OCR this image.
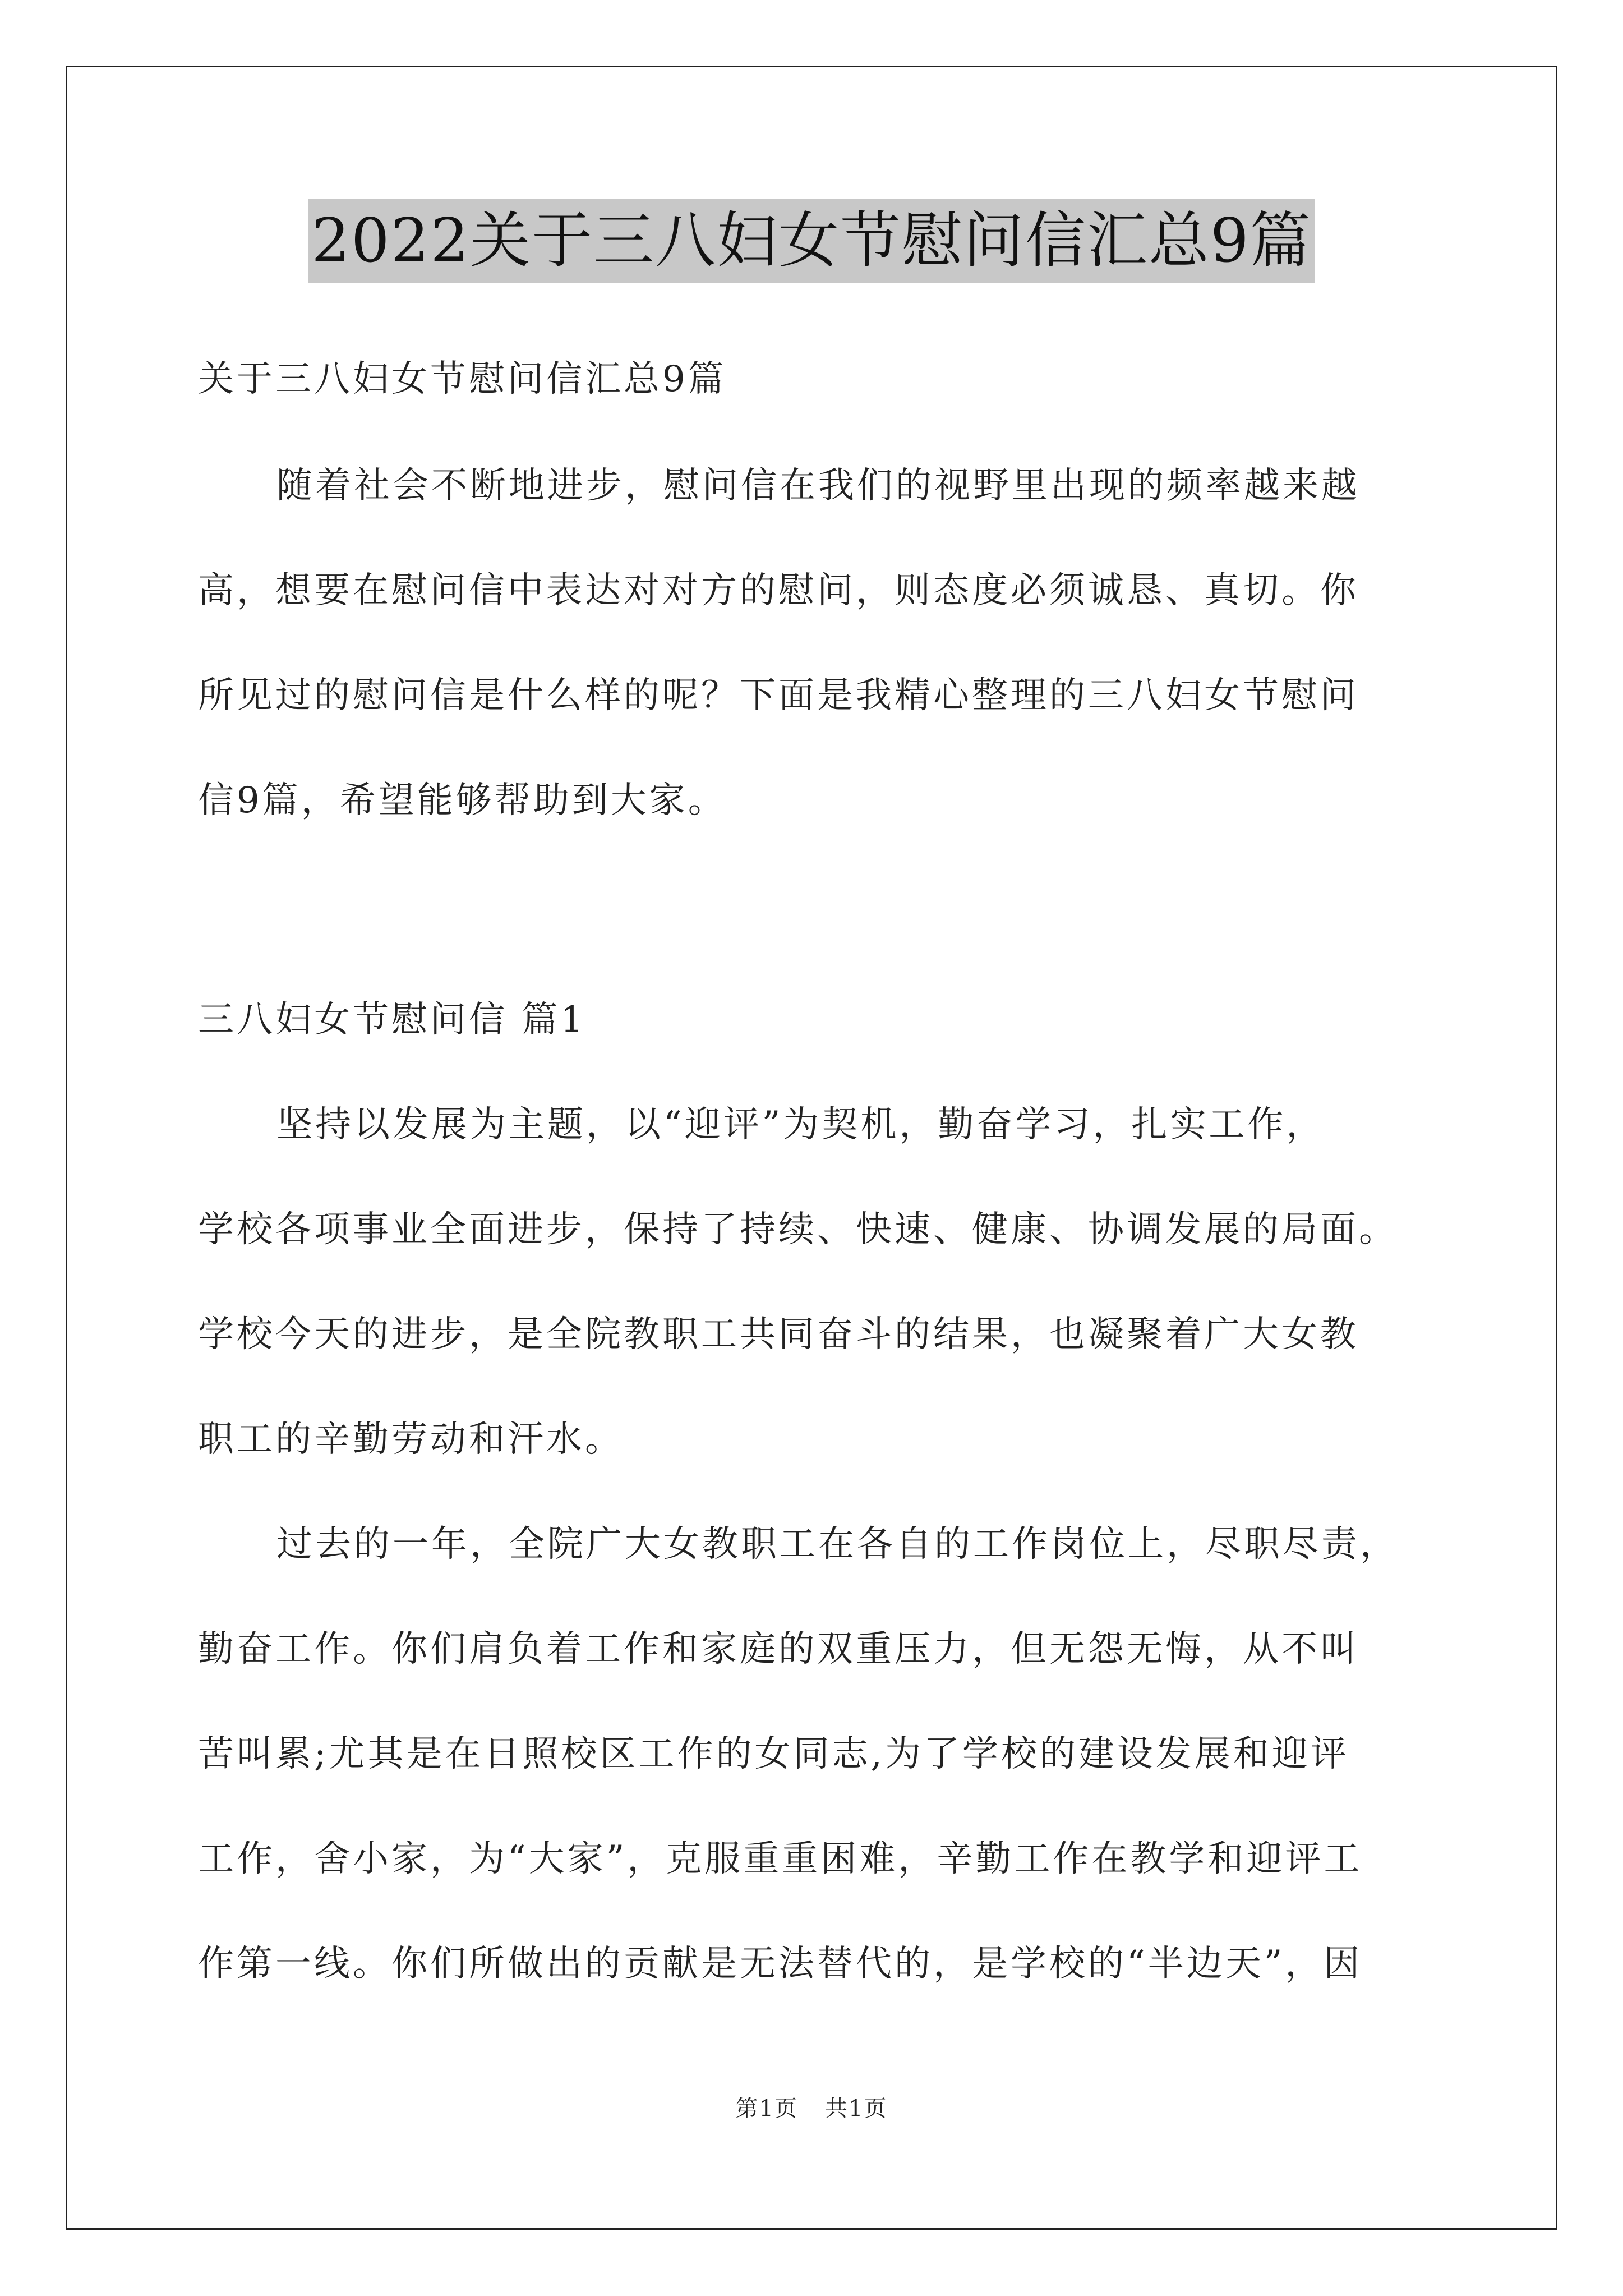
2022关于三八妇女节慰问信汇总9篇
关于三八妇女节慰问信汇总9篇
随着社会不断地进步，慰问信在我们的视野里出现的频率越来越
高，想要在慰问信中表达对对方的慰问，则态度必须诚恳、真切。你
所见过的慰问信是什么样的呢？下面是我精心整理的三八妇女节慰问
信9篇，希望能够帮助到大家。
三八妇女节慰问信 篇1
坚持以发展为主题，以“迎评”为契机，勤奋学习，扎实工作，
学校各项事业全面进步，保持了持续、快速、健康、协调发展的局面。
学校今天的进步，是全院教职工共同奋斗的结果，也凝聚着广大女教
职工的辛勤劳动和汗水。
过去的一年，全院广大女教职工在各自的工作岗位上，尽职尽责，
勤奋工作。你们肩负着工作和家庭的双重压力，但无怨无悔，从不叫
苦叫累;尤其是在日照校区工作的女同志,为了学校的建设发展和迎评
工作，舍小家，为“大家”，克服重重困难，辛勤工作在教学和迎评工
作第一线。你们所做出的贡献是无法替代的，是学校的“半边天”，因
第1页 共1页
